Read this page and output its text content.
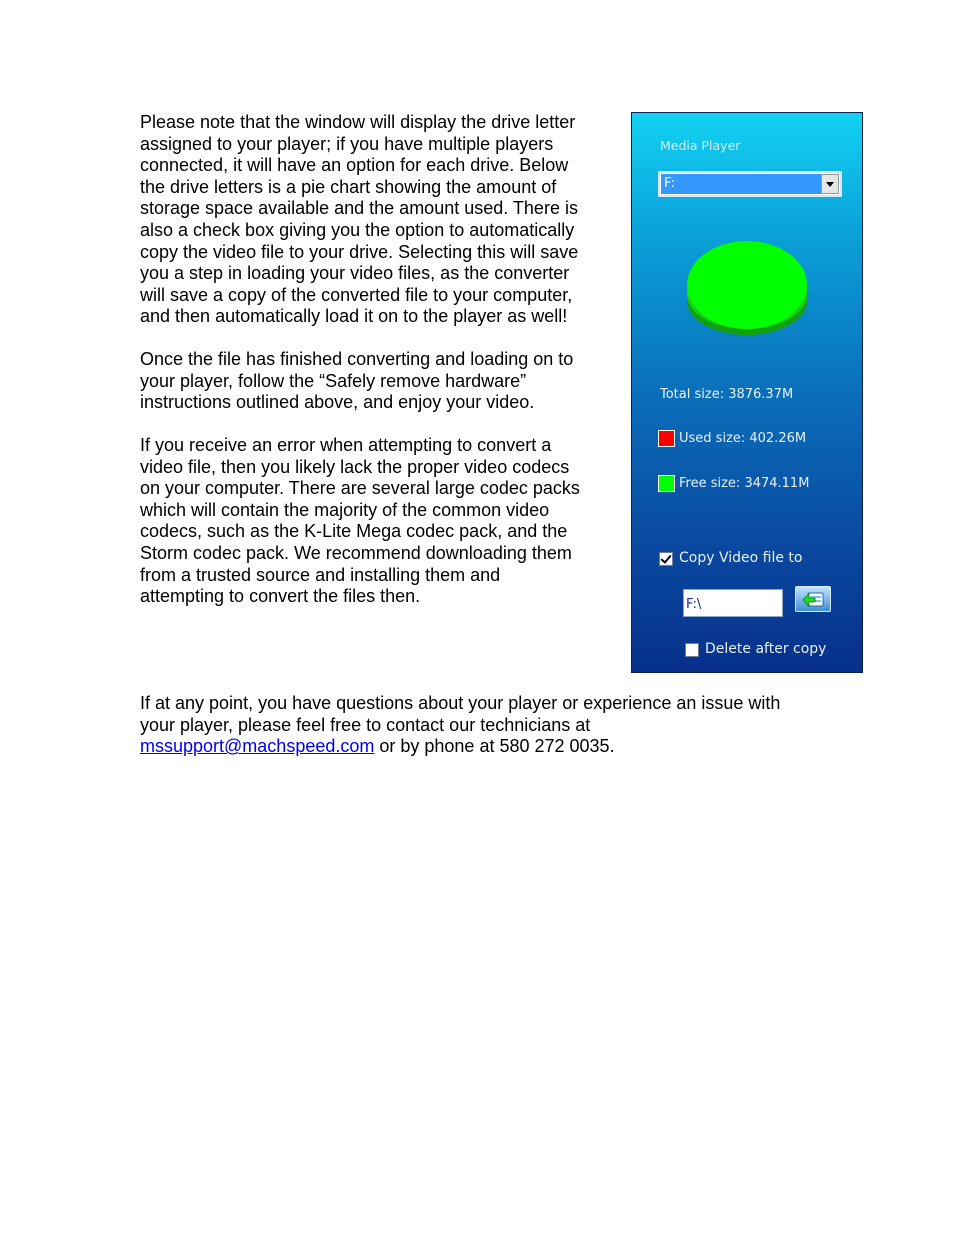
Please note that the window will display the drive letter
assigned to your player; if you have multiple players
connected, it will have an option for each drive. Below
the drive letters is a pie chart showing the amount of
storage space available and the amount used. There is
also a check box giving you the option to automatically
copy the video file to your drive. Selecting this will save
you a step in loading your video files, as the converter
will save a copy of the converted file to your computer,
and then automatically load it on to the player as well!

Once the file has finished converting and loading on to
your player, follow the “Safely remove hardware”
instructions outlined above, and enjoy your video.

If you receive an error when attempting to convert a
video file, then you likely lack the proper video codecs
on your computer. There are several large codec packs
which will contain the majority of the common video
codecs, such as the K-Lite Mega codec pack, and the
Storm codec pack. We recommend downloading them
from a trusted source and installing them and
attempting to convert the files then.

If at any point, you have questions about your player or experience an issue with
your player, please feel free to contact our technicians at
mssupport@machspeed.com or by phone at 580 272 0035.

Media Player
F:
Total size: 3876.37M
Used size: 402.26M
Free size: 3474.11M
Copy Video file to
F:\
Delete after copy
